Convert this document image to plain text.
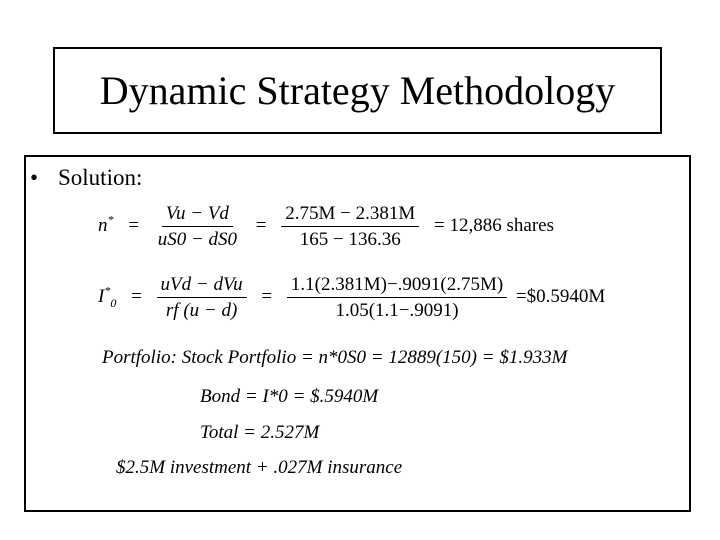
Dynamic Strategy Methodology
• Solution:
$n^* = \frac{Vu - Vd}{uS0 - dS0} = \frac{2.75M - 2.381M}{165 - 136.36} = 12,886$ shares
$I^*_0 = \frac{\text{uVd − dVu}}{rf (u - d)} = \frac{1.1(2.381M)-.9091(2.75M)}{1.05(1.1-.9091)}$ =$0.5940M
Portfolio: Stock Portfolio = n*0S0 = 12889(150) = $1.933M
Bond = I*0 = $.5940M
Total = 2.527M
$2.5M investment + .027M insurance
